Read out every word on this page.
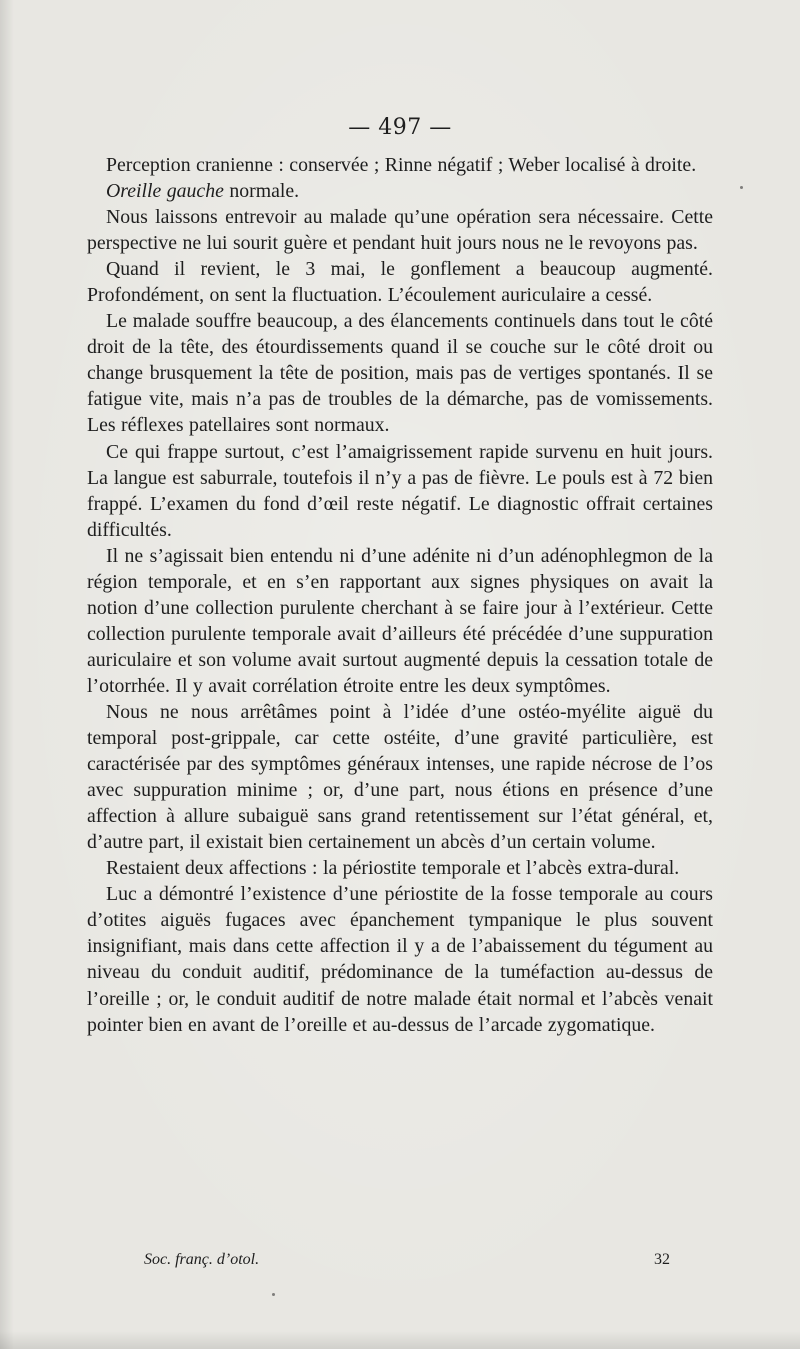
— 497 —

Perception cranienne : conservée ; Rinne négatif ; Weber localisé à droite.

Oreille gauche normale.

Nous laissons entrevoir au malade qu’une opération sera nécessaire. Cette perspective ne lui sourit guère et pendant huit jours nous ne le revoyons pas.

Quand il revient, le 3 mai, le gonflement a beaucoup augmenté. Profondément, on sent la fluctuation. L’écoulement auriculaire a cessé.

Le malade souffre beaucoup, a des élancements continuels dans tout le côté droit de la tête, des étourdissements quand il se couche sur le côté droit ou change brusquement la tête de position, mais pas de vertiges spontanés. Il se fatigue vite, mais n’a pas de troubles de la démarche, pas de vomissements. Les réflexes patellaires sont normaux.

Ce qui frappe surtout, c’est l’amaigrissement rapide survenu en huit jours. La langue est saburrale, toutefois il n’y a pas de fièvre. Le pouls est à 72 bien frappé. L’examen du fond d’œil reste négatif. Le diagnostic offrait certaines difficultés.

Il ne s’agissait bien entendu ni d’une adénite ni d’un adénophlegmon de la région temporale, et en s’en rapportant aux signes physiques on avait la notion d’une collection purulente cherchant à se faire jour à l’extérieur. Cette collection purulente temporale avait d’ailleurs été précédée d’une suppuration auriculaire et son volume avait surtout augmenté depuis la cessation totale de l’otorrhée. Il y avait corrélation étroite entre les deux symptômes.

Nous ne nous arrêtâmes point à l’idée d’une ostéo-myélite aiguë du temporal post-grippale, car cette ostéite, d’une gravité particulière, est caractérisée par des symptômes généraux intenses, une rapide nécrose de l’os avec suppuration minime ; or, d’une part, nous étions en présence d’une affection à allure subaiguë sans grand retentissement sur l’état général, et, d’autre part, il existait bien certainement un abcès d’un certain volume.

Restaient deux affections : la périostite temporale et l’abcès extra-dural.

Luc a démontré l’existence d’une périostite de la fosse temporale au cours d’otites aiguës fugaces avec épanchement tympanique le plus souvent insignifiant, mais dans cette affection il y a de l’abaissement du tégument au niveau du conduit auditif, prédominance de la tuméfaction au-dessus de l’oreille ; or, le conduit auditif de notre malade était normal et l’abcès venait pointer bien en avant de l’oreille et au-dessus de l’arcade zygomatique.

Soc. franç. d’otol.	32
